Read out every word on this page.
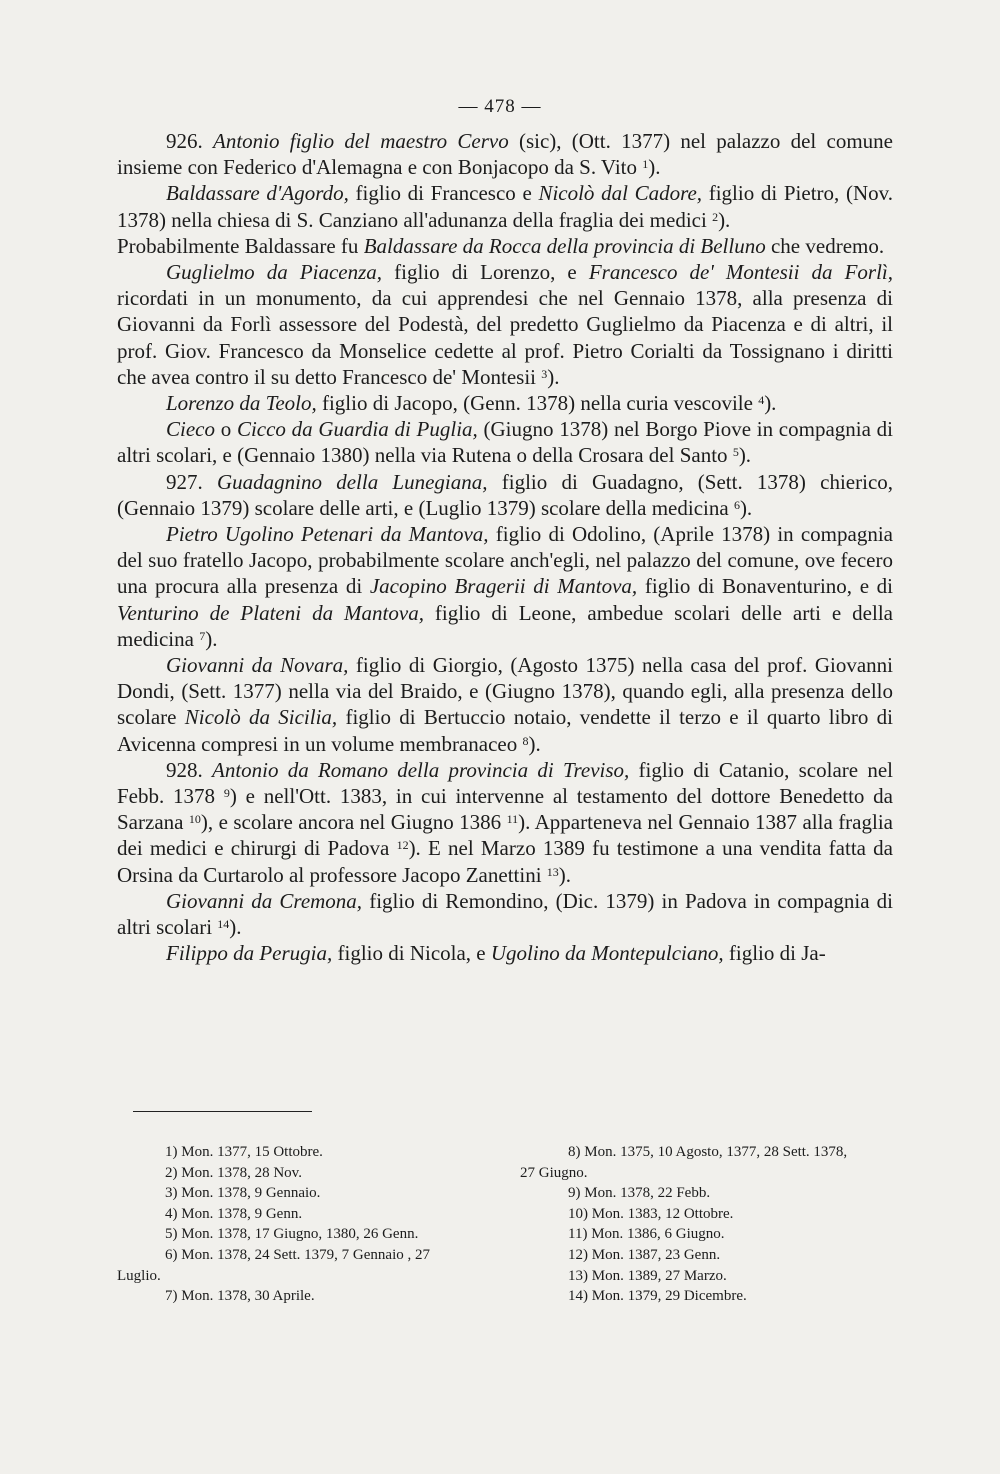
— 478 —

926. Antonio figlio del maestro Cervo (sic), (Ott. 1377) nel palazzo del comune insieme con Federico d'Alemagna e con Bonjacopo da S. Vito $^1$).

Baldassare d'Agordo, figlio di Francesco e Nicolò dal Cadore, figlio di Pietro, (Nov. 1378) nella chiesa di S. Canziano all'adunanza della fraglia dei medici $^2$).

Probabilmente Baldassare fu Baldassare da Rocca della provincia di Belluno che vedremo.

Guglielmo da Piacenza, figlio di Lorenzo, e Francesco de' Montesii da Forlì, ricordati in un monumento, da cui apprendesi che nel Gennaio 1378, alla presenza di Giovanni da Forlì assessore del Podestà, del predetto Guglielmo da Piacenza e di altri, il prof. Giov. Francesco da Monselice cedette al prof. Pietro Corialti da Tossignano i diritti che avea contro il su detto Francesco de' Montesii $^3$).

Lorenzo da Teolo, figlio di Jacopo, (Genn. 1378) nella curia vescovile $^4$).

Cieco o Cicco da Guardia di Puglia, (Giugno 1378) nel Borgo Piove in compagnia di altri scolari, e (Gennaio 1380) nella via Rutena o della Crosara del Santo $^5$).

927. Guadagnino della Lunegiana, figlio di Guadagno, (Sett. 1378) chierico, (Gennaio 1379) scolare delle arti, e (Luglio 1379) scolare della medicina $^6$).

Pietro Ugolino Petenari da Mantova, figlio di Odolino, (Aprile 1378) in compagnia del suo fratello Jacopo, probabilmente scolare anch'egli, nel palazzo del comune, ove fecero una procura alla presenza di Jacopino Bragerii di Mantova, figlio di Bonaventurino, e di Venturino de Plateni da Mantova, figlio di Leone, ambedue scolari delle arti e della medicina $^7$).

Giovanni da Novara, figlio di Giorgio, (Agosto 1375) nella casa del prof. Giovanni Dondi, (Sett. 1377) nella via del Braido, e (Giugno 1378), quando egli, alla presenza dello scolare Nicolò da Sicilia, figlio di Bertuccio notaio, vendette il terzo e il quarto libro di Avicenna compresi in un volume membranaceo $^8$).

928. Antonio da Romano della provincia di Treviso, figlio di Catanio, scolare nel Febb. 1378 $^9$) e nell'Ott. 1383, in cui intervenne al testamento del dottore Benedetto da Sarzana $^{10}$), e scolare ancora nel Giugno 1386 $^{11}$). Apparteneva nel Gennaio 1387 alla fraglia dei medici e chirurgi di Padova $^{12}$). E nel Marzo 1389 fu testimone a una vendita fatta da Orsina da Curtarolo al professore Jacopo Zanettini $^{13}$).

Giovanni da Cremona, figlio di Remondino, (Dic. 1379) in Padova in compagnia di altri scolari $^{14}$).

Filippo da Perugia, figlio di Nicola, e Ugolino da Montepulciano, figlio di Ja-

1) Mon. 1377, 15 Ottobre.
2) Mon. 1378, 28 Nov.
3) Mon. 1378, 9 Gennaio.
4) Mon. 1378, 9 Genn.
5) Mon. 1378, 17 Giugno, 1380, 26 Genn.
6) Mon. 1378, 24 Sett. 1379, 7 Gennaio , 27
Luglio.
7) Mon. 1378, 30 Aprile.
8) Mon. 1375, 10 Agosto, 1377, 28 Sett. 1378,
27 Giugno.
9) Mon. 1378, 22 Febb.
10) Mon. 1383, 12 Ottobre.
11) Mon. 1386, 6 Giugno.
12) Mon. 1387, 23 Genn.
13) Mon. 1389, 27 Marzo.
14) Mon. 1379, 29 Dicembre.
